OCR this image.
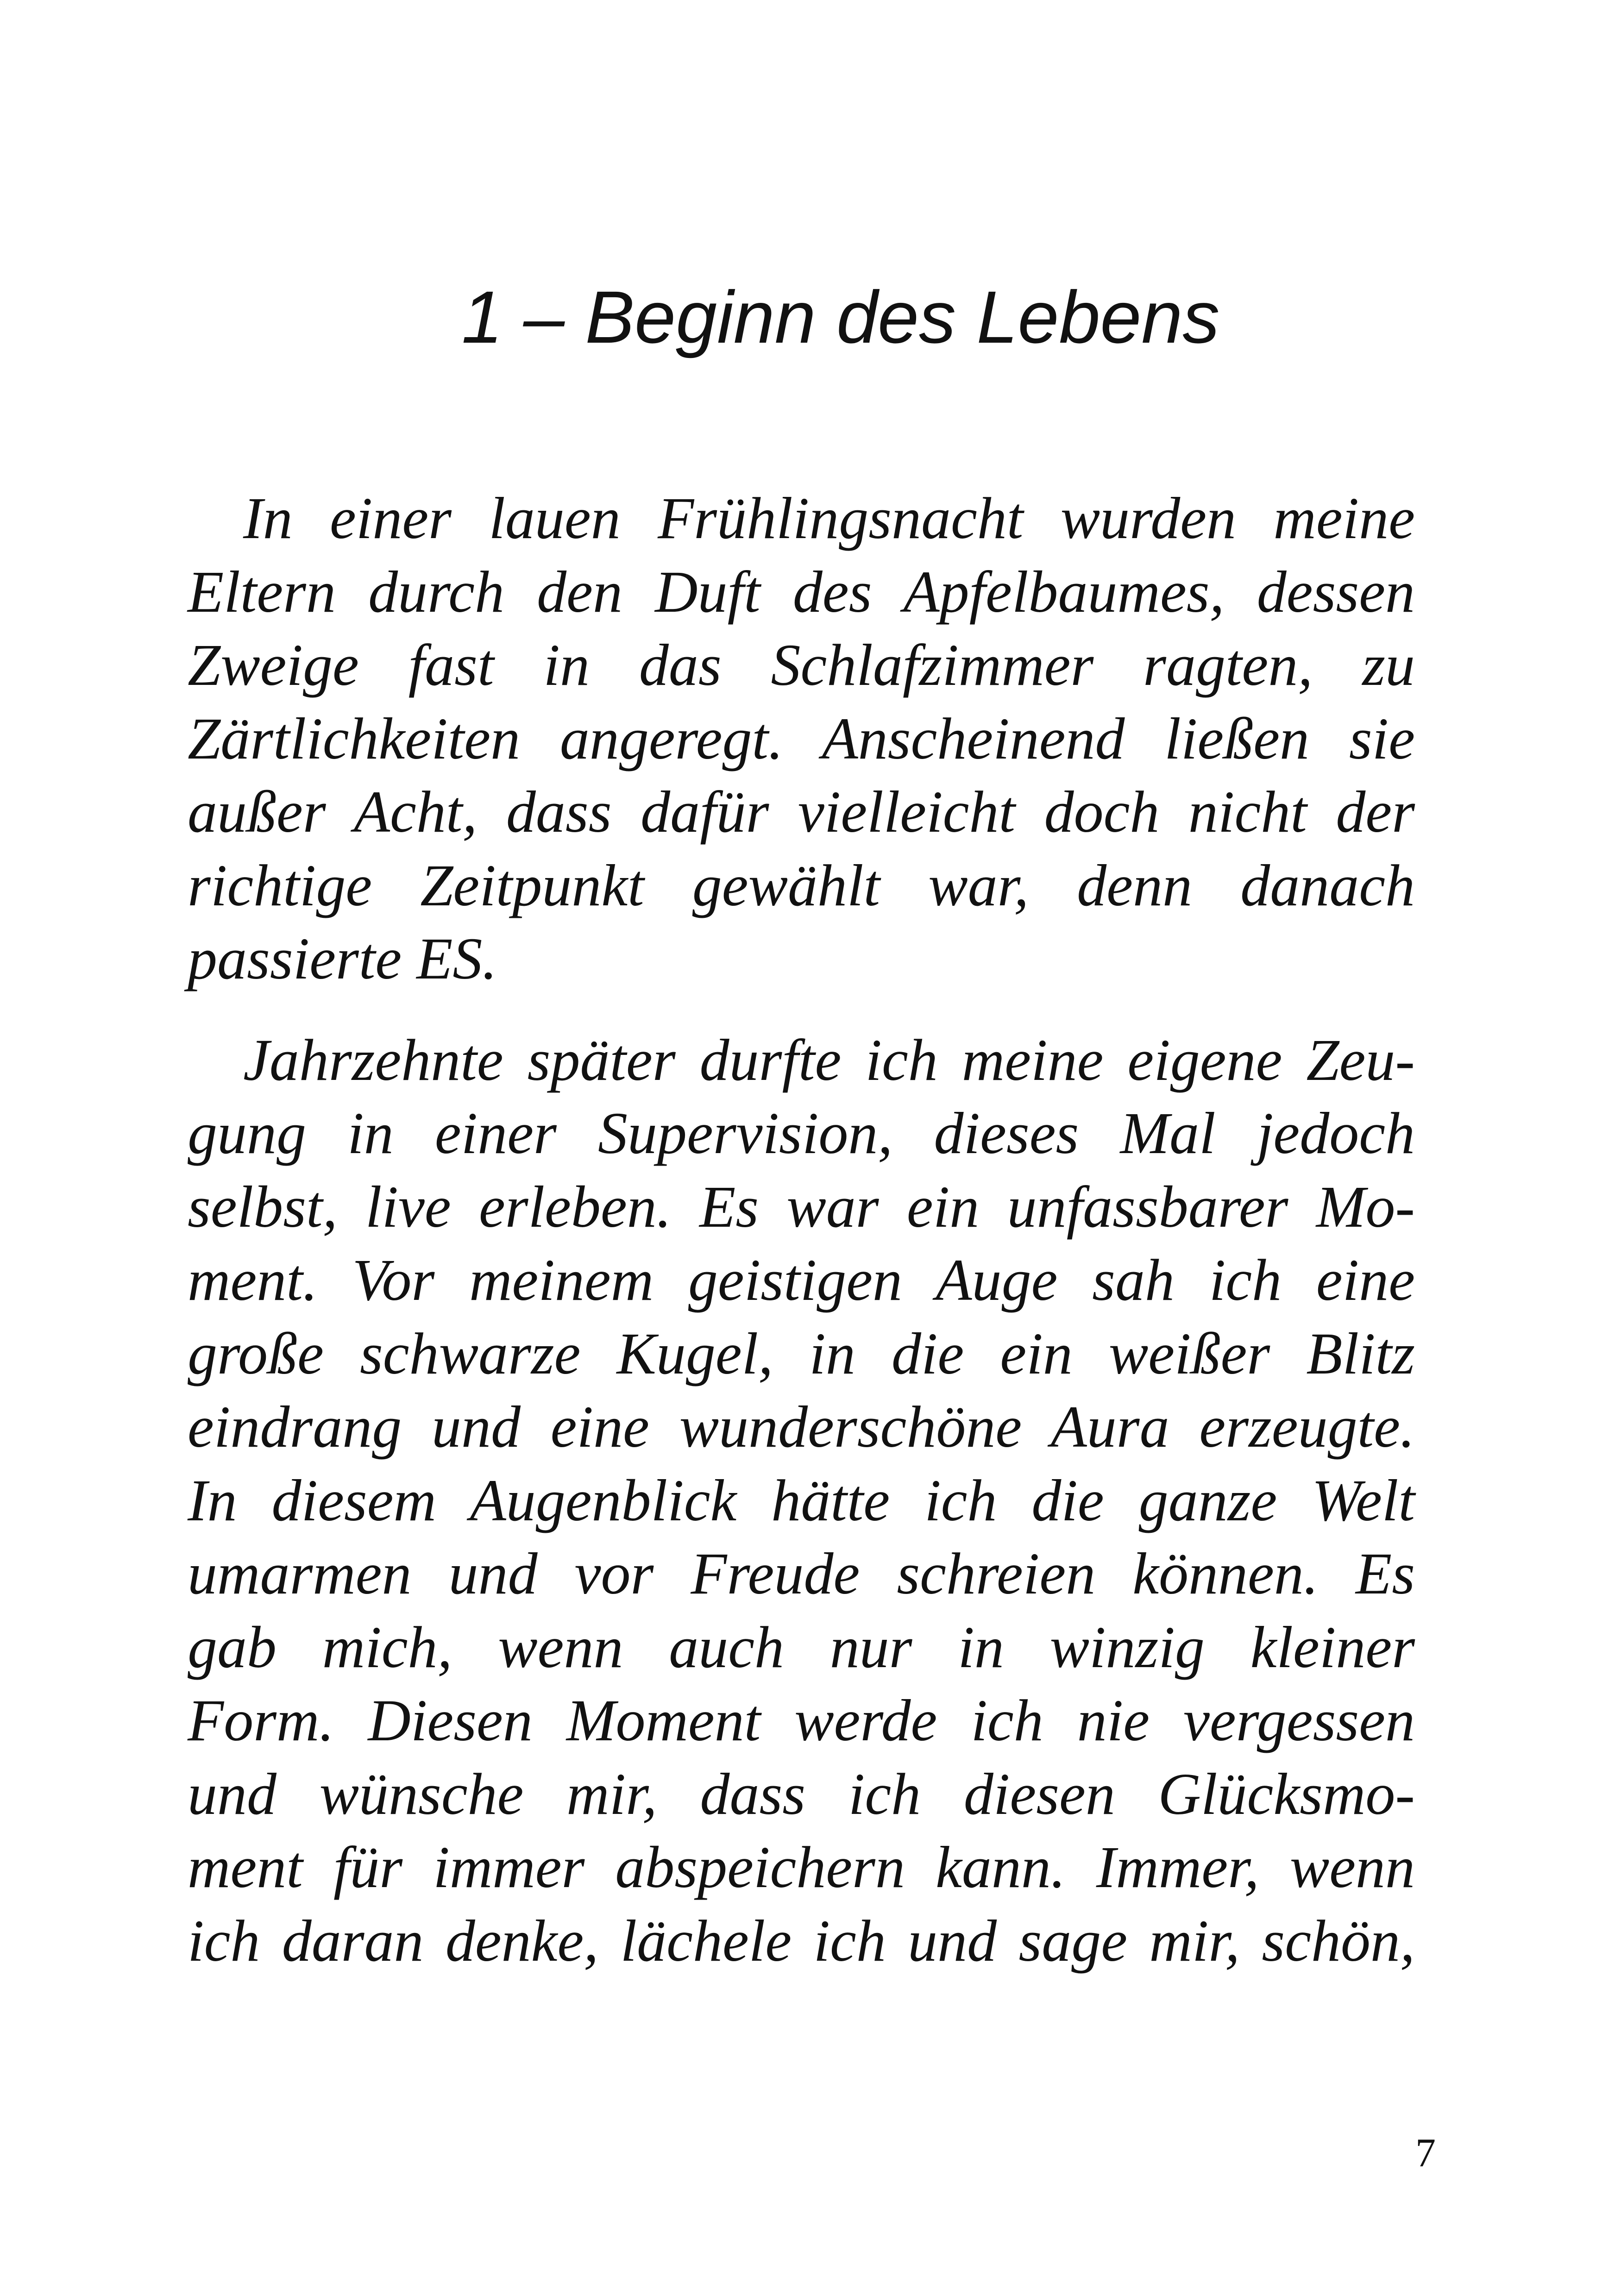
1 – Beginn des Lebens
In einer lauen Frühlingsnacht wurden meine
Eltern durch den Duft des Apfelbaumes, dessen
Zweige fast in das Schlafzimmer ragten, zu
Zärtlichkeiten angeregt. Anscheinend ließen sie
außer Acht, dass dafür vielleicht doch nicht der
richtige Zeitpunkt gewählt war, denn danach
passierte ES.
Jahrzehnte später durfte ich meine eigene Zeu-
gung in einer Supervision, dieses Mal jedoch
selbst, live erleben. Es war ein unfassbarer Mo-
ment. Vor meinem geistigen Auge sah ich eine
große schwarze Kugel, in die ein weißer Blitz
eindrang und eine wunderschöne Aura erzeugte.
In diesem Augenblick hätte ich die ganze Welt
umarmen und vor Freude schreien können. Es
gab mich, wenn auch nur in winzig kleiner
Form. Diesen Moment werde ich nie vergessen
und wünsche mir, dass ich diesen Glücksmo-
ment für immer abspeichern kann. Immer, wenn
ich daran denke, lächele ich und sage mir, schön,
7
